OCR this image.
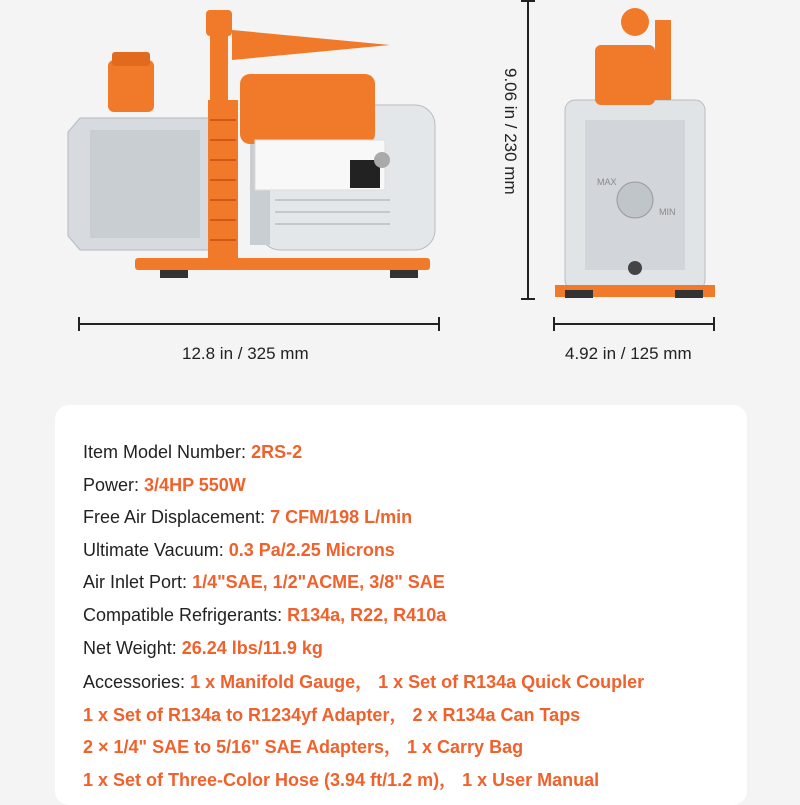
MAX
MIN
12.8 in / 325 mm	4.92 in / 125 mm
9.06 in / 230 mm
Item Model Number: 2RS-2
Power: 3/4HP 550W
Free Air Displacement: 7 CFM/198 L/min
Ultimate Vacuum: 0.3 Pa/2.25 Microns
Air Inlet Port: 1/4"SAE, 1/2"ACME, 3/8" SAE
Compatible Refrigerants: R134a, R22, R410a
Net Weight: 26.24 lbs/11.9 kg
Accessories: 1 x Manifold Gauge， 1 x Set of R134a Quick Coupler
1 x Set of R134a to R1234yf Adapter， 2 x R134a Can Taps
2 × 1/4" SAE to 5/16" SAE Adapters， 1 x Carry Bag
1 x Set of Three-Color Hose (3.94 ft/1.2 m)， 1 x User Manual
